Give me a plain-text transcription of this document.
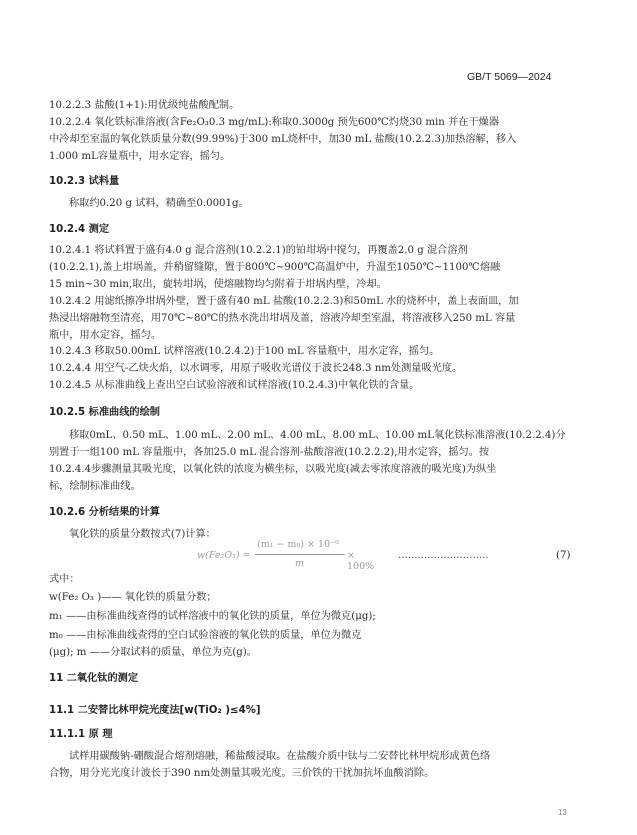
GB/T 5069—2024

10.2.2.3 盐酸(1+1):用优级纯盐酸配制。

10.2.2.4 氧化铁标准溶液(含Fe₂O₃0.3 mg/mL):称取0.3000g 预先600℃灼烧30 min 并在干燥器

中冷却至室温的氧化铁质量分数(99.99%)于300 mL烧杯中，加30 mL 盐酸(10.2.2.3)加热溶解，移入

1.000 mL容量瓶中，用水定容，摇匀。

10.2.3 试料量

称取约0.20 g 试料，精确至0.0001g。

10.2.4 测定

10.2.4.1 将试料置于盛有4.0 g 混合溶剂(10.2.2.1)的铂坩埚中搅匀，再覆盖2.0 g 混合溶剂

(10.2.2.1),盖上坩埚盖，并稍留缝隙，置于800℃~900℃高温炉中，升温至1050℃~1100℃熔融

15 min~30 min,取出，旋转坩埚，使熔融物均匀附着于坩埚内壁，冷却。

10.2.4.2 用滤纸擦净坩埚外壁，置于盛有40 mL 盐酸(10.2.2.3)和50mL 水的烧杯中，盖上表面皿，加

热浸出熔融物至清亮，用70℃~80℃的热水洗出坩埚及盖，溶液冷却至室温，将溶液移入250 mL 容量

瓶中，用水定容，摇匀。

10.2.4.3 移取50.00mL 试样溶液(10.2.4.2)于100 mL 容量瓶中，用水定容，摇匀。

10.2.4.4 用空气-乙炔火焰，以水调零，用原子吸收光谱仪于波长248.3 nm处测量吸光度。

10.2.4.5 从标准曲线上查出空白试验溶液和试样溶液(10.2.4.3)中氧化铁的含量。

10.2.5 标准曲线的绘制

移取0mL、0.50 mL、1.00 mL、2.00 mL、4.00 mL、8.00 mL、10.00 mL氧化铁标准溶液(10.2.2.4)分

别置于一组100 mL 容量瓶中，各加25.0 mL 混合溶剂-盐酸溶液(10.2.2.2),用水定容，摇匀。按

10.2.4.4步骤测量其吸光度，以氧化铁的浓度为横坐标，以吸光度(减去零浓度溶液的吸光度)为纵坐

标，绘制标准曲线。

10.2.6 分析结果的计算

氧化铁的质量分数按式(7)计算：

w(Fe₂O₃) =
(m₁ − m₀) × 10⁻⁶
m
× 100%
............................	(7)

式中：

w(Fe₂ O₃ )—— 氧化铁的质量分数；

m₁ ——由标准曲线查得的试样溶液中的氧化铁的质量，单位为微克(μg);

m₀ ——由标准曲线查得的空白试验溶液的氧化铁的质量，单位为微克

(μg); m ——分取试料的质量，单位为克(g)。

11 二氧化钛的测定
11.1 二安替比林甲烷光度法[w(TiO₂ )≤4%]
11.1.1 原 理

试样用碳酸钠-硼酸混合熔剂熔融，稀盐酸浸取。在盐酸介质中钛与二安替比林甲烷形成黄色络

合物，用分光光度计波长于390 nm处测量其吸光度。三价铁的干扰加抗坏血酸消除。

13
